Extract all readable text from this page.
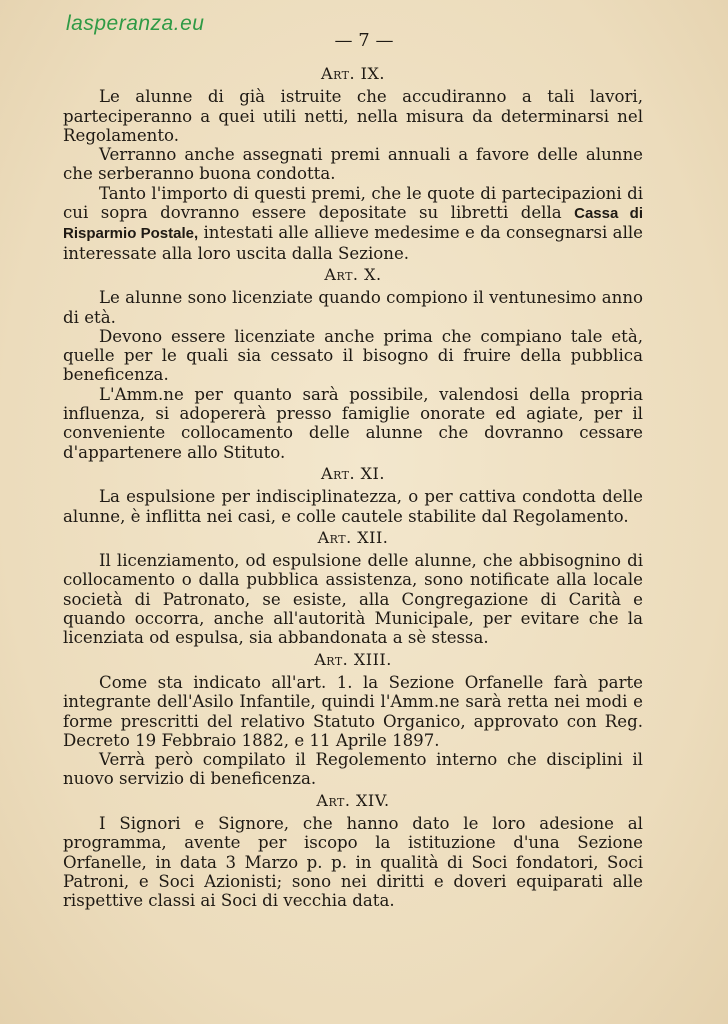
lasperanza.eu
— 7 —
Art. IX.

Le alunne di già istruite che accudiranno a tali lavori, parteciperanno a quei utili netti, nella misura da determinarsi nel Regolamento.

Verranno anche assegnati premi annuali a favore delle alunne che serberanno buona condotta.

Tanto l'importo di questi premi, che le quote di partecipazioni di cui sopra dovranno essere depositate su libretti della Cassa di Risparmio Postale, intestati alle allieve medesime e da consegnarsi alle interessate alla loro uscita dalla Sezione.

Art. X.

Le alunne sono licenziate quando compiono il ventunesimo anno di età.

Devono essere licenziate anche prima che compiano tale età, quelle per le quali sia cessato il bisogno di fruire della pubblica beneficenza.

L'Amm.ne per quanto sarà possibile, valendosi della propria influenza, si adopererà presso famiglie onorate ed agiate, per il conveniente collocamento delle alunne che dovranno cessare d'appartenere allo Stituto.

Art. XI.

La espulsione per indisciplinatezza, o per cattiva condotta delle alunne, è inflitta nei casi, e colle cautele stabilite dal Regolamento.

Art. XII.

Il licenziamento, od espulsione delle alunne, che abbisognino di collocamento o dalla pubblica assistenza, sono notificate alla locale società di Patronato, se esiste, alla Congregazione di Carità e quando occorra, anche all'autorità Municipale, per evitare che la licenziata od espulsa, sia abbandonata a sè stessa.

Art. XIII.

Come sta indicato all'art. 1. la Sezione Orfanelle farà parte integrante dell'Asilo Infantile, quindi l'Amm.ne sarà retta nei modi e forme prescritti del relativo Statuto Organico, approvato con Reg. Decreto 19 Febbraio 1882, e 11 Aprile 1897.

Verrà però compilato il Regolemento interno che disciplini il nuovo servizio di beneficenza.

Art. XIV.

I Signori e Signore, che hanno dato le loro adesione al programma, avente per iscopo la istituzione d'una Sezione Orfanelle, in data 3 Marzo p. p. in qualità di Soci fondatori, Soci Patroni, e Soci Azionisti; sono nei diritti e doveri equiparati alle rispettive classi ai Soci di vecchia data.
